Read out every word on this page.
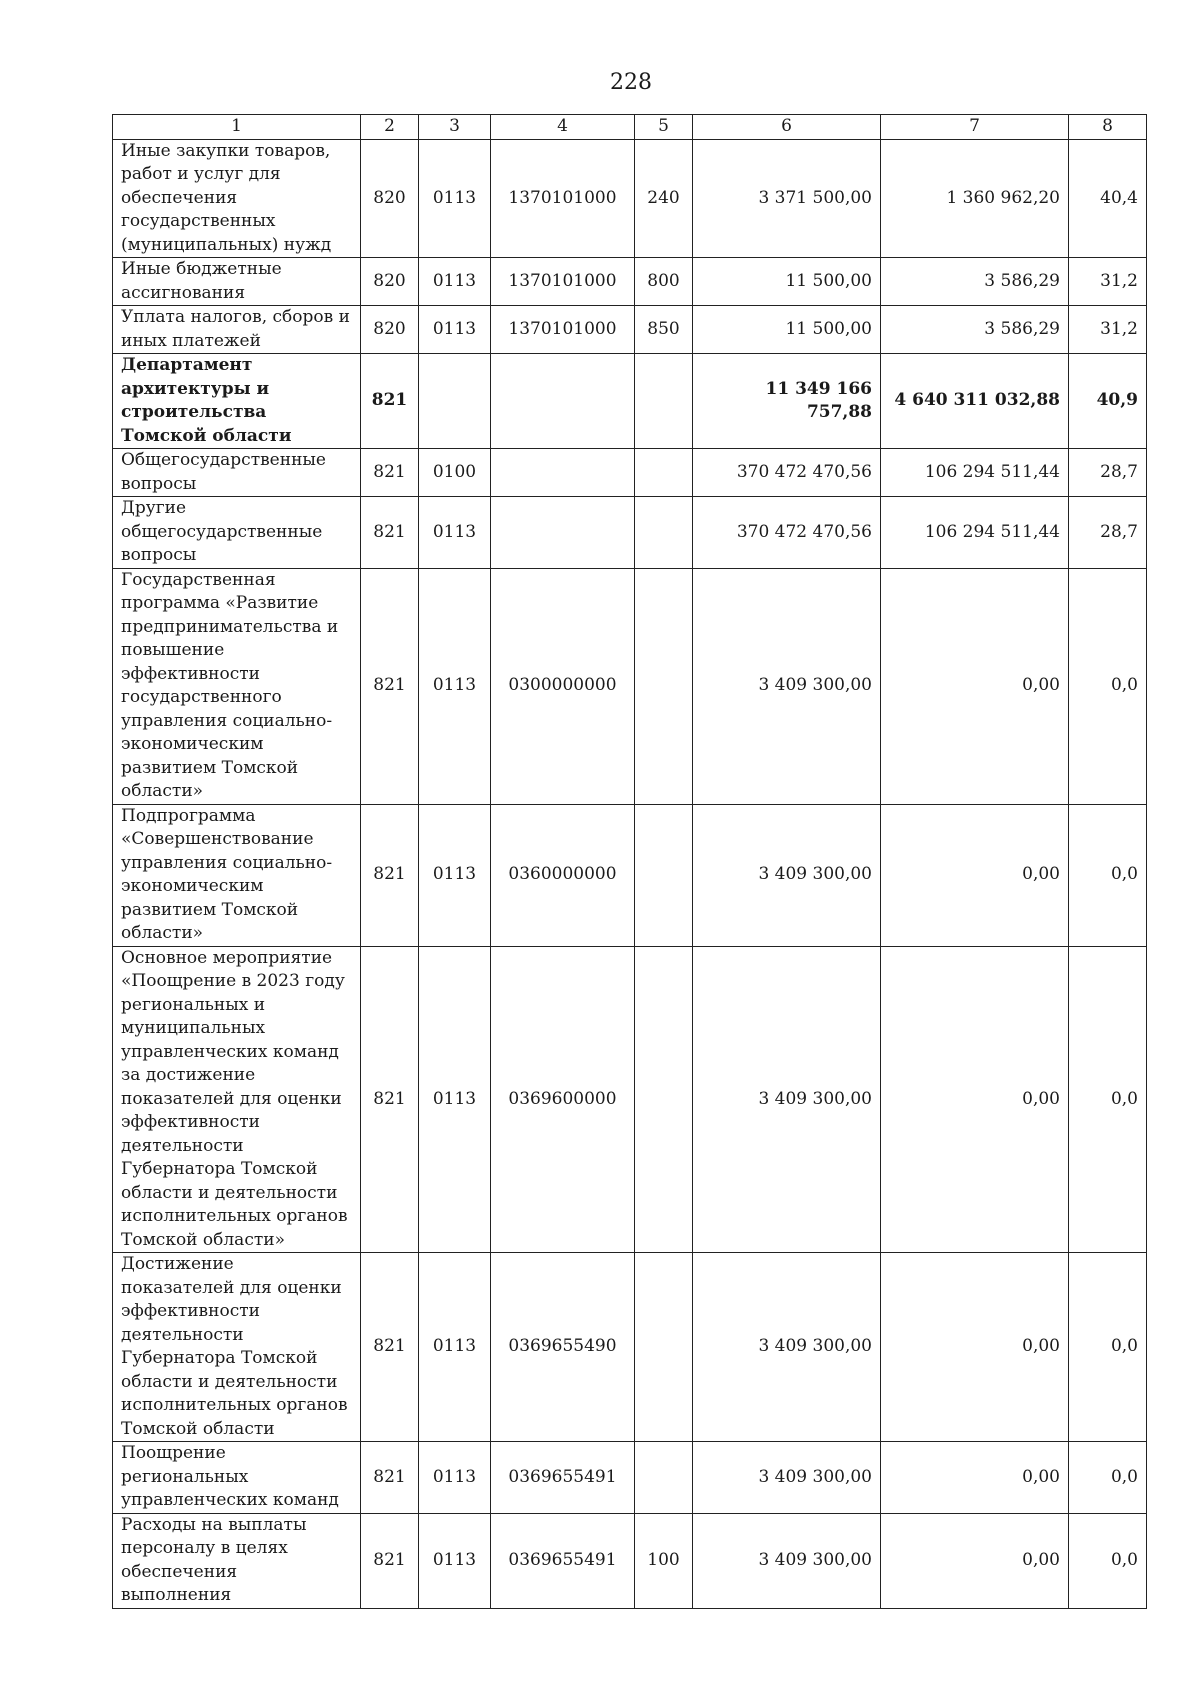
228
1	2	3	4	5	6	7	8
Иные закупки товаров, работ и услуг для обеспечения государственных (муниципальных) нужд	820	0113	1370101000	240	3 371 500,00	1 360 962,20	40,4
Иные бюджетные ассигнования	820	0113	1370101000	800	11 500,00	3 586,29	31,2
Уплата налогов, сборов и иных платежей	820	0113	1370101000	850	11 500,00	3 586,29	31,2
Департамент архитектуры и строительства Томской области	821				11 349 166 757,88	4 640 311 032,88	40,9
Общегосударственные вопросы	821	0100			370 472 470,56	106 294 511,44	28,7
Другие общегосударственные вопросы	821	0113			370 472 470,56	106 294 511,44	28,7
Государственная программа «Развитие предпринимательства и повышение эффективности государственного управления социально-экономическим развитием Томской области»	821	0113	0300000000		3 409 300,00	0,00	0,0
Подпрограмма «Совершенствование управления социально-экономическим развитием Томской области»	821	0113	0360000000		3 409 300,00	0,00	0,0
Основное мероприятие «Поощрение в 2023 году региональных и муниципальных управленческих команд за достижение показателей для оценки эффективности деятельности Губернатора Томской области и деятельности исполнительных органов Томской области»	821	0113	0369600000		3 409 300,00	0,00	0,0
Достижение показателей для оценки эффективности деятельности Губернатора Томской области и деятельности исполнительных органов Томской области	821	0113	0369655490		3 409 300,00	0,00	0,0
Поощрение региональных управленческих команд	821	0113	0369655491		3 409 300,00	0,00	0,0
Расходы на выплаты персоналу в целях обеспечения выполнения	821	0113	0369655491	100	3 409 300,00	0,00	0,0
